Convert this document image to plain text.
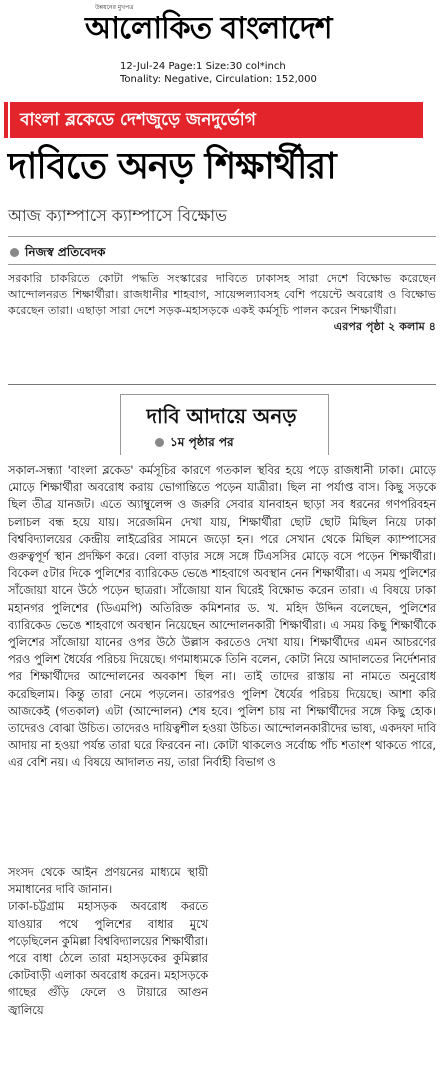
উন্নয়নের মুখপত্র
আলোকিত বাংলাদেশ
12-Jul-24 Page:1 Size:30 col*inch
Tonality: Negative, Circulation: 152,000
বাংলা ব্লকেডে দেশজুড়ে জনদুর্ভোগ
দাবিতে অনড় শিক্ষার্থীরা
আজ ক্যাম্পাসে ক্যাম্পাসে বিক্ষোভ
নিজস্ব প্রতিবেদক
সরকারি চাকরিতে কোটা পদ্ধতি সংস্কারের দাবিতে ঢাকাসহ সারা দেশে বিক্ষোভ করেছেন আন্দোলনরত শিক্ষার্থীরা। রাজধানীর শাহবাগ, সায়েন্সল্যাবসহ বেশি পয়েন্টে অবরোধ ও বিক্ষোভ করেছেন তারা। এছাড়া সারা দেশে সড়ক-মহাসড়কে একই কর্মসূচি পালন করেন শিক্ষার্থীরা।
এরপর পৃষ্ঠা ২ কলাম ৪
দাবি আদায়ে অনড়
১ম পৃষ্ঠার পর
সকাল-সন্ধ্যা 'বাংলা ব্লকেড' কর্মসূচির কারণে গতকাল স্থবির হয়ে পড়ে রাজধানী ঢাকা। মোড়ে মোড়ে শিক্ষার্থীরা অবরোধ করায় ভোগান্তিতে পড়েন যাত্রীরা। ছিল না পর্যাপ্ত বাস। কিছু সড়কে ছিল তীব্র যানজট। এতে অ্যাম্বুলেন্স ও জরুরি সেবার যানবাহন ছাড়া সব ধরনের গণপরিবহন চলাচল বন্ধ হয়ে যায়। সরেজমিন দেখা যায়, শিক্ষার্থীরা ছোট ছোট মিছিল নিয়ে ঢাকা বিশ্ববিদ্যালয়ের কেন্দ্রীয় লাইব্রেরির সামনে জড়ো হন। পরে সেখান থেকে মিছিল ক্যাম্পাসের গুরুত্বপূর্ণ স্থান প্রদক্ষিণ করে। বেলা বাড়ার সঙ্গে সঙ্গে টিএসসির মোড়ে বসে পড়েন শিক্ষার্থীরা। বিকেল ৫টার দিকে পুলিশের ব্যারিকেড ভেঙে শাহবাগে অবস্থান নেন শিক্ষার্থীরা। এ সময় পুলিশের সাঁজোয়া যানে উঠে পড়েন ছাত্ররা। সাঁজোয়া যান ঘিরেই বিক্ষোভ করেন তারা। এ বিষয়ে ঢাকা মহানগর পুলিশের (ডিএমপি) অতিরিক্ত কমিশনার ড. খ. মহিদ উদ্দিন বলেছেন, পুলিশের ব্যারিকেড ভেঙে শাহবাগে অবস্থান নিয়েছেন আন্দোলনকারী শিক্ষার্থীরা। এ সময় কিছু শিক্ষার্থীকে পুলিশের সাঁজোয়া যানের ওপর উঠে উল্লাস করতেও দেখা যায়। শিক্ষার্থীদের এমন আচরণের পরও পুলিশ ধৈর্যের পরিচয় দিয়েছে। গণমাধ্যমকে তিনি বলেন, কোটা নিয়ে আদালতের নির্দেশনার পর শিক্ষার্থীদের আন্দোলনের অবকাশ ছিল না। তাই তাদের রাস্তায় না নামতে অনুরোধ করেছিলাম। কিন্তু তারা নেমে পড়লেন। তারপরও পুলিশ ধৈর্যের পরিচয় দিয়েছে। আশা করি আজকেই (গতকাল) এটা (আন্দোলন) শেষ হবে। পুলিশ চায় না শিক্ষার্থীদের সঙ্গে কিছু হোক। তাদেরও বোঝা উচিত। তাদেরও দায়িত্বশীল হওয়া উচিত। আন্দোলনকারীদের ভাষ্য, একদফা দাবি আদায় না হওয়া পর্যন্ত তারা ঘরে ফিরবেন না। কোটা থাকলেও সর্বোচ্চ পাঁচ শতাংশ থাকতে পারে, এর বেশি নয়। এ বিষয়ে আদালত নয়, তারা নির্বাহী বিভাগ ও

সংসদ থেকে আইন প্রণয়নের মাধ্যমে স্থায়ী সমাধানের দাবি জানান।

ঢাকা-চট্টগ্রাম মহাসড়ক অবরোধ করতে যাওয়ার পথে পুলিশের বাধার মুখে পড়েছিলেন কুমিল্লা বিশ্ববিদ্যালয়ের শিক্ষার্থীরা। পরে বাধা ঠেলে তারা মহাসড়কের কুমিল্লার কোটবাড়ী এলাকা অবরোধ করেন। মহাসড়কে গাছের গুঁড়ি ফেলে ও টায়ারে আগুন জ্বালিয়ে
